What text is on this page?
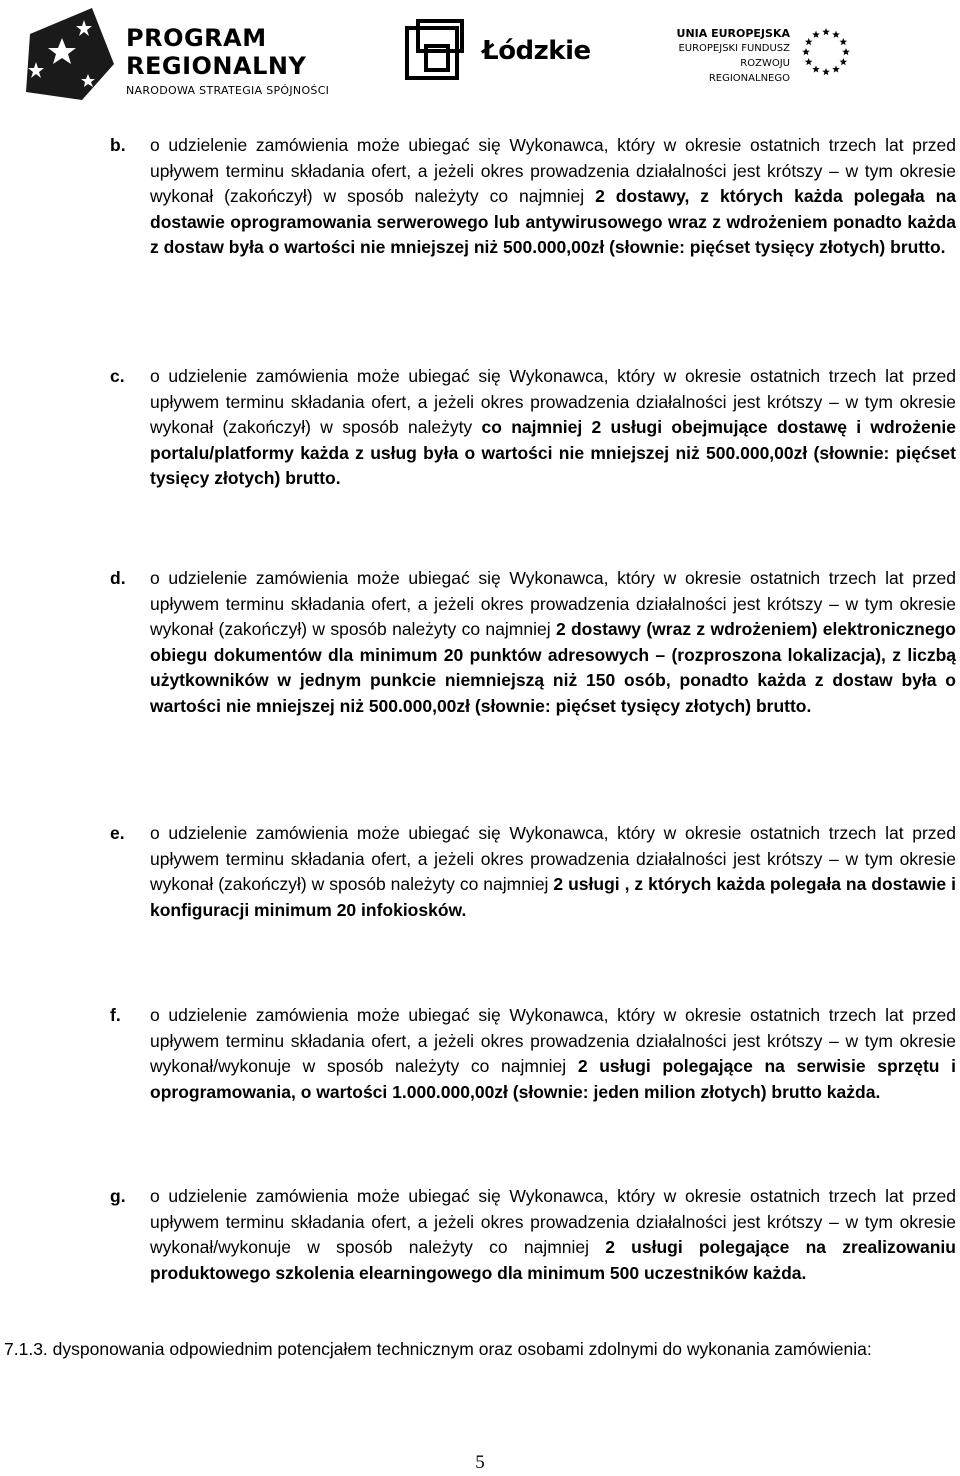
PROGRAM
REGIONALNY
NARODOWA STRATEGIA SPÓJNOŚCI
Łódzkie
UNIA EUROPEJSKA
EUROPEJSKI FUNDUSZ
ROZWOJU REGIONALNEGO
b. o udzielenie zamówienia może ubiegać się Wykonawca, który w okresie ostatnich trzech lat przed upływem terminu składania ofert, a jeżeli okres prowadzenia działalności jest krótszy – w tym okresie wykonał (zakończył) w sposób należyty co najmniej 2 dostawy, z których każda polegała na dostawie oprogramowania serwerowego lub antywirusowego wraz z wdrożeniem ponadto każda z dostaw była o wartości nie mniejszej niż 500.000,00zł (słownie: pięćset tysięcy złotych) brutto.
c. o udzielenie zamówienia może ubiegać się Wykonawca, który w okresie ostatnich trzech lat przed upływem terminu składania ofert, a jeżeli okres prowadzenia działalności jest krótszy – w tym okresie wykonał (zakończył) w sposób należyty co najmniej 2 usługi obejmujące dostawę i wdrożenie portalu/platformy każda z usług była o wartości nie mniejszej niż 500.000,00zł (słownie: pięćset tysięcy złotych) brutto.
d. o udzielenie zamówienia może ubiegać się Wykonawca, który w okresie ostatnich trzech lat przed upływem terminu składania ofert, a jeżeli okres prowadzenia działalności jest krótszy – w tym okresie wykonał (zakończył) w sposób należyty co najmniej 2 dostawy (wraz z wdrożeniem) elektronicznego obiegu dokumentów dla minimum 20 punktów adresowych – (rozproszona lokalizacja), z liczbą użytkowników w jednym punkcie niemniejszą niż 150 osób, ponadto każda z dostaw była o wartości nie mniejszej niż 500.000,00zł (słownie: pięćset tysięcy złotych) brutto.
e. o udzielenie zamówienia może ubiegać się Wykonawca, który w okresie ostatnich trzech lat przed upływem terminu składania ofert, a jeżeli okres prowadzenia działalności jest krótszy – w tym okresie wykonał (zakończył) w sposób należyty co najmniej 2 usługi , z których każda polegała na dostawie i konfiguracji minimum 20 infokiosków.
f. o udzielenie zamówienia może ubiegać się Wykonawca, który w okresie ostatnich trzech lat przed upływem terminu składania ofert, a jeżeli okres prowadzenia działalności jest krótszy – w tym okresie wykonał/wykonuje w sposób należyty co najmniej 2 usługi polegające na serwisie sprzętu i oprogramowania, o wartości 1.000.000,00zł (słownie: jeden milion złotych) brutto każda.
g. o udzielenie zamówienia może ubiegać się Wykonawca, który w okresie ostatnich trzech lat przed upływem terminu składania ofert, a jeżeli okres prowadzenia działalności jest krótszy – w tym okresie wykonał/wykonuje w sposób należyty co najmniej 2 usługi polegające na zrealizowaniu produktowego szkolenia elearningowego dla minimum 500 uczestników każda.
7.1.3. dysponowania odpowiednim potencjałem technicznym oraz osobami zdolnymi do wykonania zamówienia:
5
